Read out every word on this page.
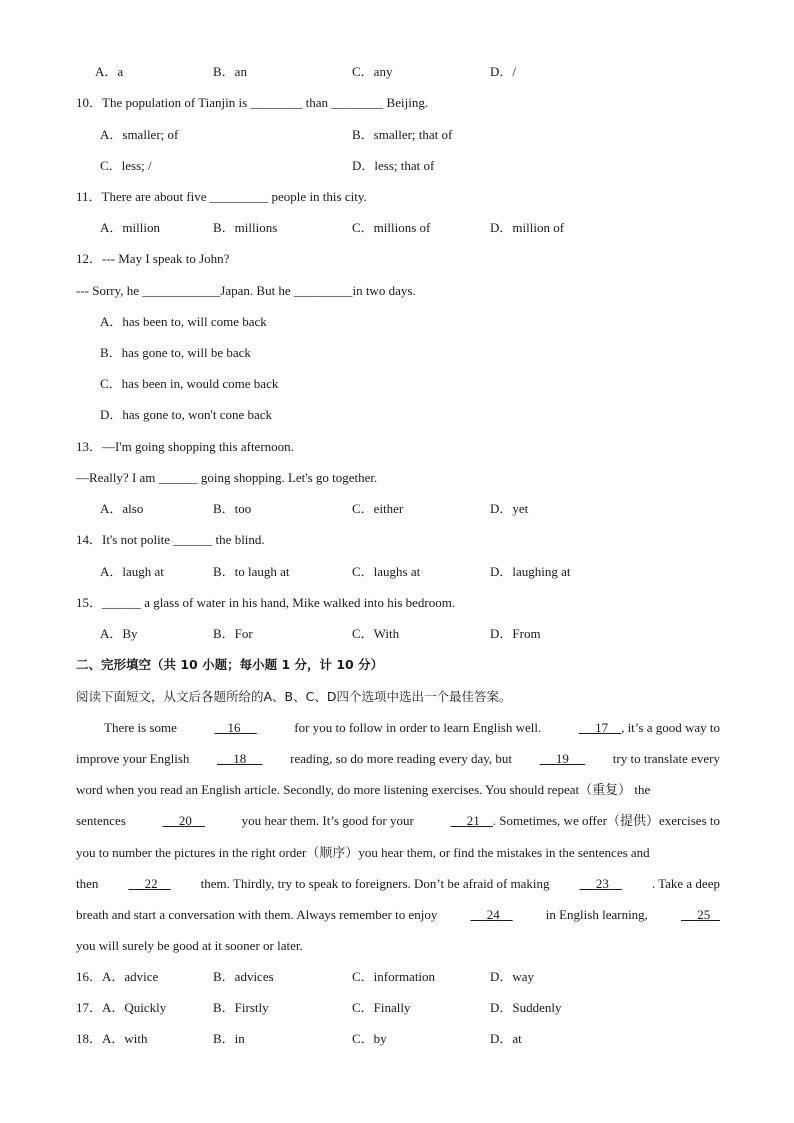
A．a	B．an	C．any	D．/
10．The population of Tianjin is ________ than ________ Beijing.
A．smaller; of	B．smaller; that of
C．less; /	D．less; that of
11．There are about five _________ people in this city.
A．million	B．millions	C．millions of	D．million of
12．--- May I speak to John?
--- Sorry, he ____________Japan. But he _________in two days.
A．has been to, will come back
B．has gone to, will be back
C．has been in, would come back
D．has gone to, won't cone back
13．—I'm going shopping this afternoon.
—Really? I am ______ going shopping. Let's go together.
A．also	B．too	C．either	D．yet
14．It's not polite ______ the blind.
A．laugh at	B．to laugh at	C．laughs at	D．laughing at
15．______ a glass of water in his hand, Mike walked into his bedroom.
A．By	B．For	C．With	D．From
二、完形填空（共 10 小题；每小题 1 分，计 10 分）
阅读下面短文，从文后各题所给的A、B、C、D四个选项中选出一个最佳答案。
There is some	16	for you to follow in order to learn English well.	17 , it’s a good way to
improve your English	18	reading, so do more reading every day, but	19	try to translate every
word when you read an English article. Secondly, do more listening exercises. You should repeat（重复） the
sentences	20	you hear them. It’s good for your	21 . Sometimes, we offer（提供）exercises to
you to number the pictures in the right order（顺序）you hear them, or find the mistakes in the sentences and
then	22	them. Thirdly, try to speak to foreigners. Don’t be afraid of making	23	. Take a deep
breath and start a conversation with them. Always remember to enjoy	24	in English learning,	25
you will surely be good at it sooner or later.
16．A．advice	B．advices	C．information	D．way
17．A．Quickly	B．Firstly	C．Finally	D．Suddenly
18．A．with	B．in	C．by	D．at
